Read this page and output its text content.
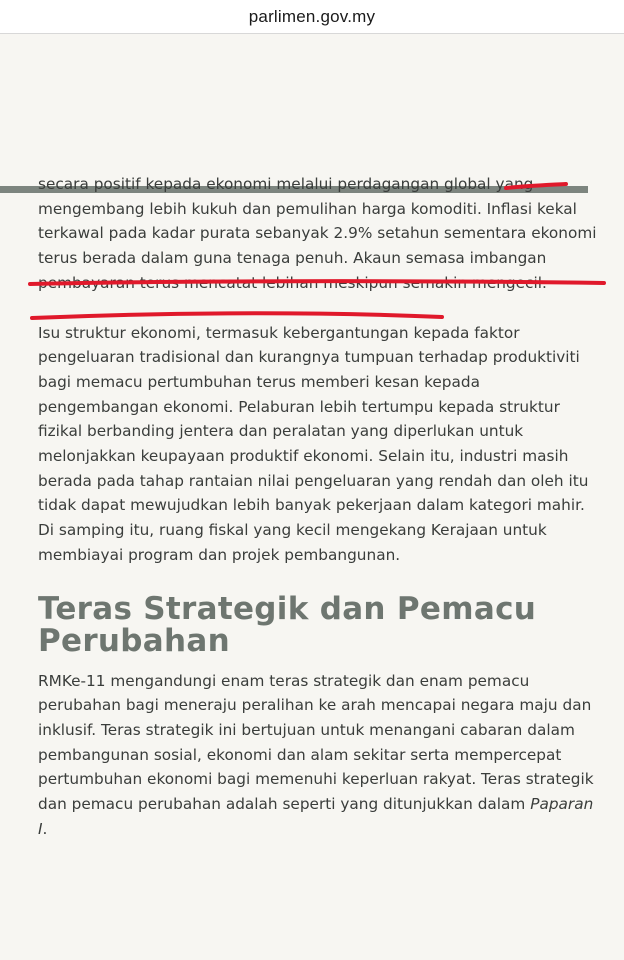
parlimen.gov.my

secara positif kepada ekonomi melalui perdagangan global yang mengembang lebih kukuh dan pemulihan harga komoditi. Inflasi kekal terkawal pada kadar purata sebanyak 2.9% setahun sementara ekonomi terus berada dalam guna tenaga penuh. Akaun semasa imbangan pembayaran terus mencatat lebihan meskipun semakin mengecil.

Isu struktur ekonomi, termasuk kebergantungan kepada faktor pengeluaran tradisional dan kurangnya tumpuan terhadap produktiviti bagi memacu pertumbuhan terus memberi kesan kepada pengembangan ekonomi. Pelaburan lebih tertumpu kepada struktur fizikal berbanding jentera dan peralatan yang diperlukan untuk melonjakkan keupayaan produktif ekonomi. Selain itu, industri masih berada pada tahap rantaian nilai pengeluaran yang rendah dan oleh itu tidak dapat mewujudkan lebih banyak pekerjaan dalam kategori mahir. Di samping itu, ruang fiskal yang kecil mengekang Kerajaan untuk membiayai program dan projek pembangunan.

Teras Strategik dan Pemacu Perubahan

RMKe-11 mengandungi enam teras strategik dan enam pemacu perubahan bagi meneraju peralihan ke arah mencapai negara maju dan inklusif. Teras strategik ini bertujuan untuk menangani cabaran dalam pembangunan sosial, ekonomi dan alam sekitar serta mempercepat pertumbuhan ekonomi bagi memenuhi keperluan rakyat. Teras strategik dan pemacu perubahan adalah seperti yang ditunjukkan dalam Paparan I.
